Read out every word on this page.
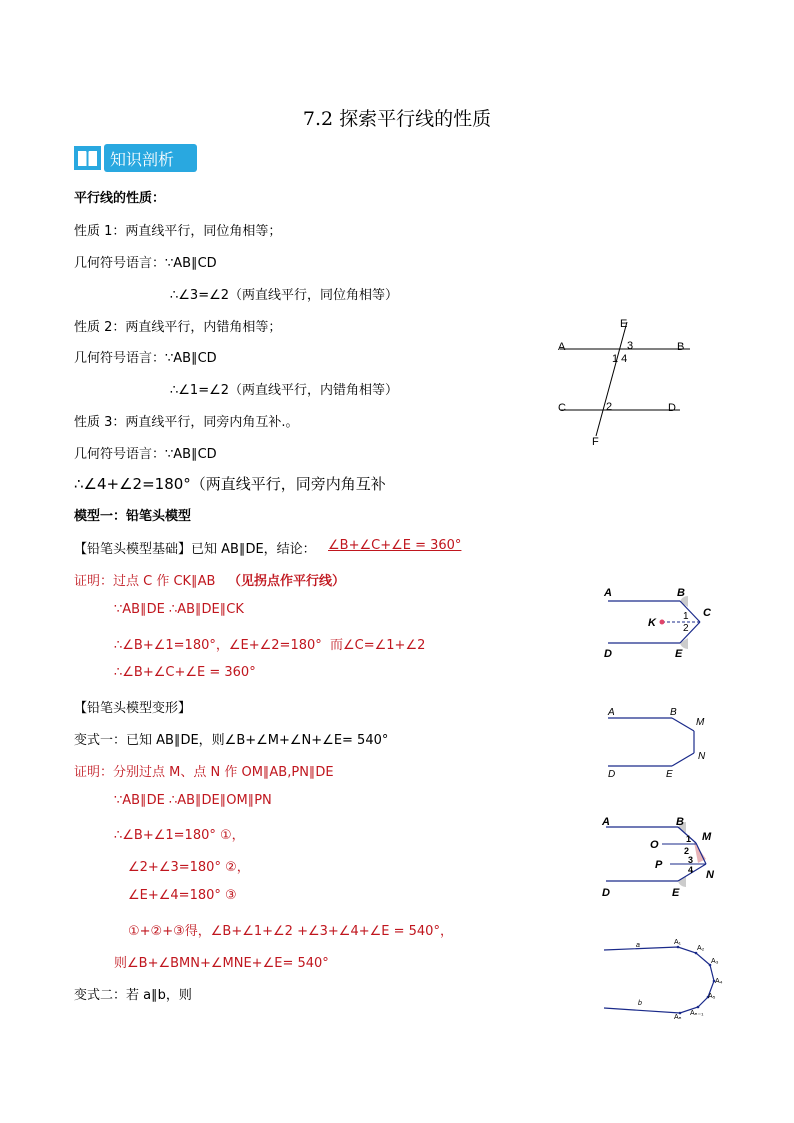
7.2 探索平行线的性质
知识剖析
平行线的性质：
性质 1：两直线平行，同位角相等；
几何符号语言：∵AB∥CD
∴∠3=∠2（两直线平行，同位角相等）
性质 2：两直线平行，内错角相等；
几何符号语言：∵AB∥CD
∴∠1=∠2（两直线平行，内错角相等）
性质 3：两直线平行，同旁内角互补.。
几何符号语言：∵AB∥CD
∴∠4+∠2=180°（两直线平行，同旁内角互补
模型一：铅笔头模型
【铅笔头模型基础】已知 AB∥DE，结论： ∠B+∠C+∠E = 360°
证明：过点 C 作 CK∥AB （见拐点作平行线）
∵AB∥DE ∴AB∥DE∥CK
∴∠B+∠1=180°，∠E+∠2=180° 而∠C=∠1+∠2
∴∠B+∠C+∠E = 360°
【铅笔头模型变形】
变式一：已知 AB∥DE，则∠B+∠M+∠N+∠E= 540°
证明：分别过点 M、点 N 作 OM∥AB,PN∥DE
∵AB∥DE ∴AB∥DE∥OM∥PN
∴∠B+∠1=180° ①，
∠2+∠3=180° ②，
∠E+∠4=180° ③
①+②+③得，∠B+∠1+∠2 +∠3+∠4+∠E = 540°，
则∠B+∠BMN+∠MNE+∠E= 540°
变式二：若 a∥b，则
E
A	B
3
1 4
C	2	D
F
A	B
K
C
1
2
D	E
A	B
M
N
D	E
A	B
M
O
P
N
D	E
1
2
3
4
a
b
A₁
A₂
A₃
A₄
A₅
Aₙ₋₁
Aₙ
